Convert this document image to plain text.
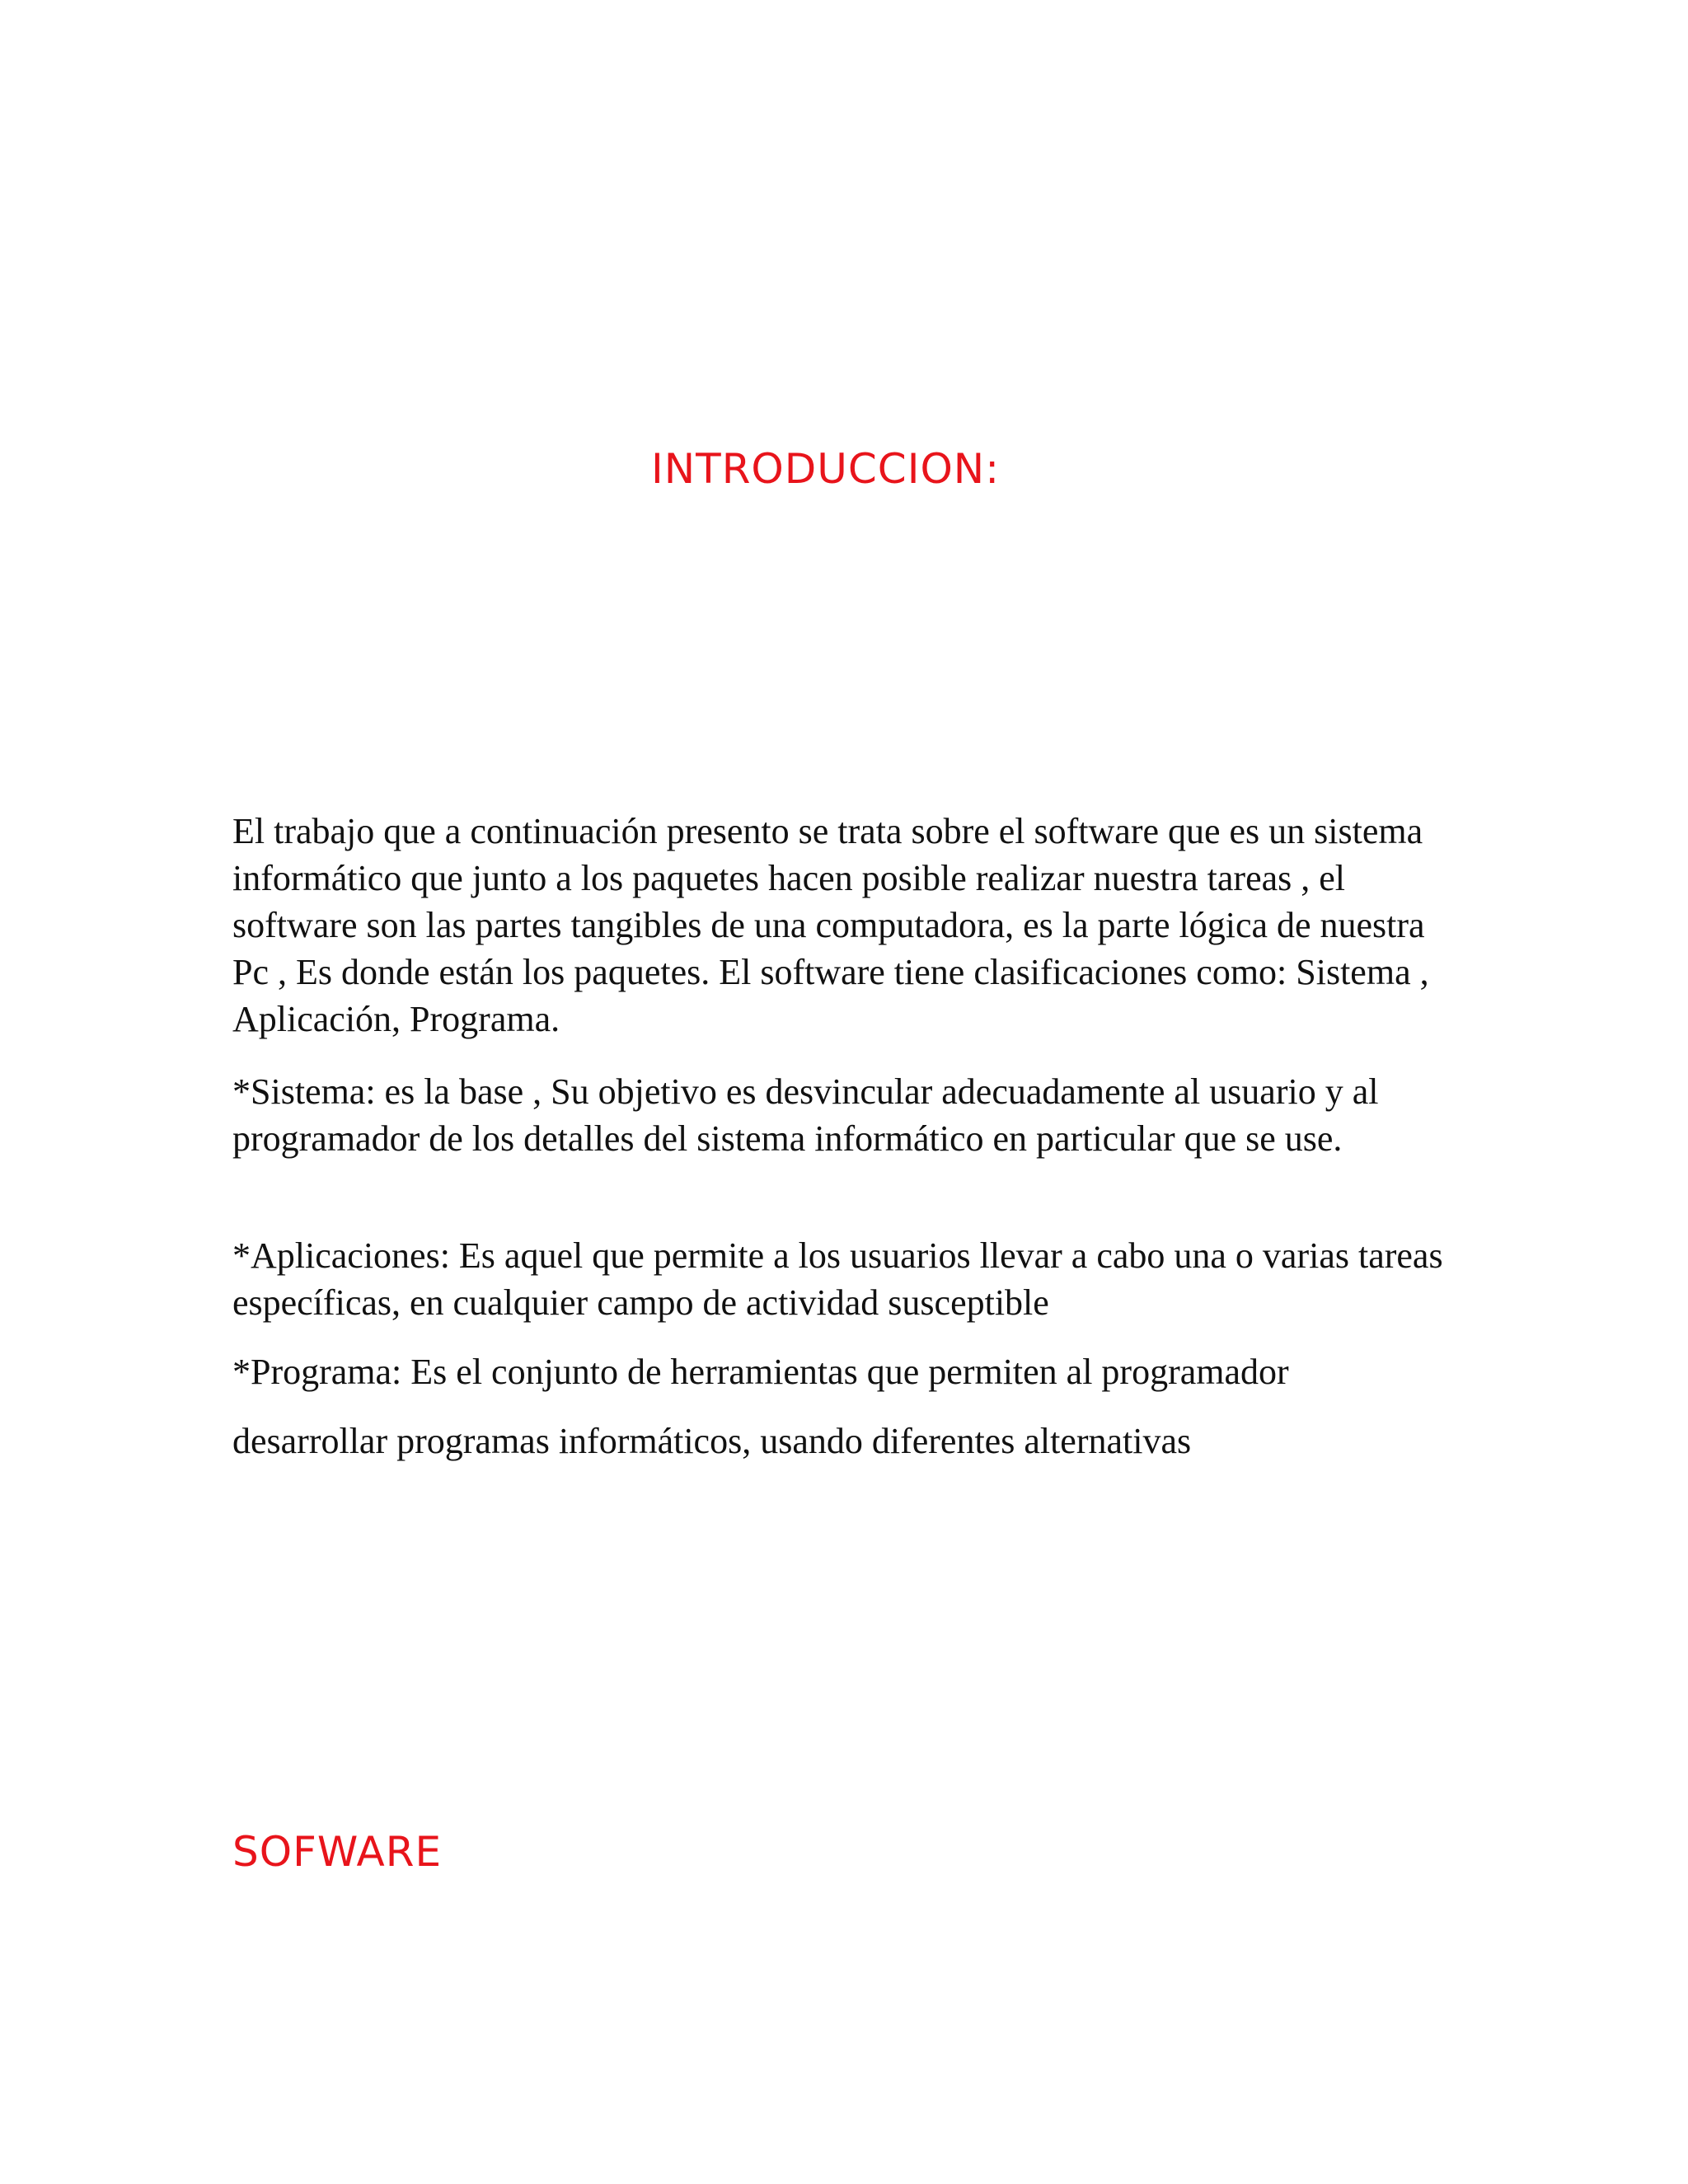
INTRODUCCION:

El trabajo que a continuación presento se trata sobre el software que es un sistema informático que junto a los paquetes hacen posible realizar nuestra tareas , el software son las partes tangibles de una computadora, es la parte lógica de nuestra Pc , Es donde están los paquetes. El software tiene clasificaciones como: Sistema , Aplicación, Programa.

*Sistema: es la base , Su objetivo es desvincular adecuadamente al usuario y al programador de los detalles del sistema informático en particular que se use.

*Aplicaciones: Es aquel que permite a los usuarios llevar a cabo una o varias tareas específicas, en cualquier campo de actividad susceptible

*Programa: Es el conjunto de herramientas que permiten al programador

desarrollar programas informáticos, usando diferentes alternativas

SOFWARE
